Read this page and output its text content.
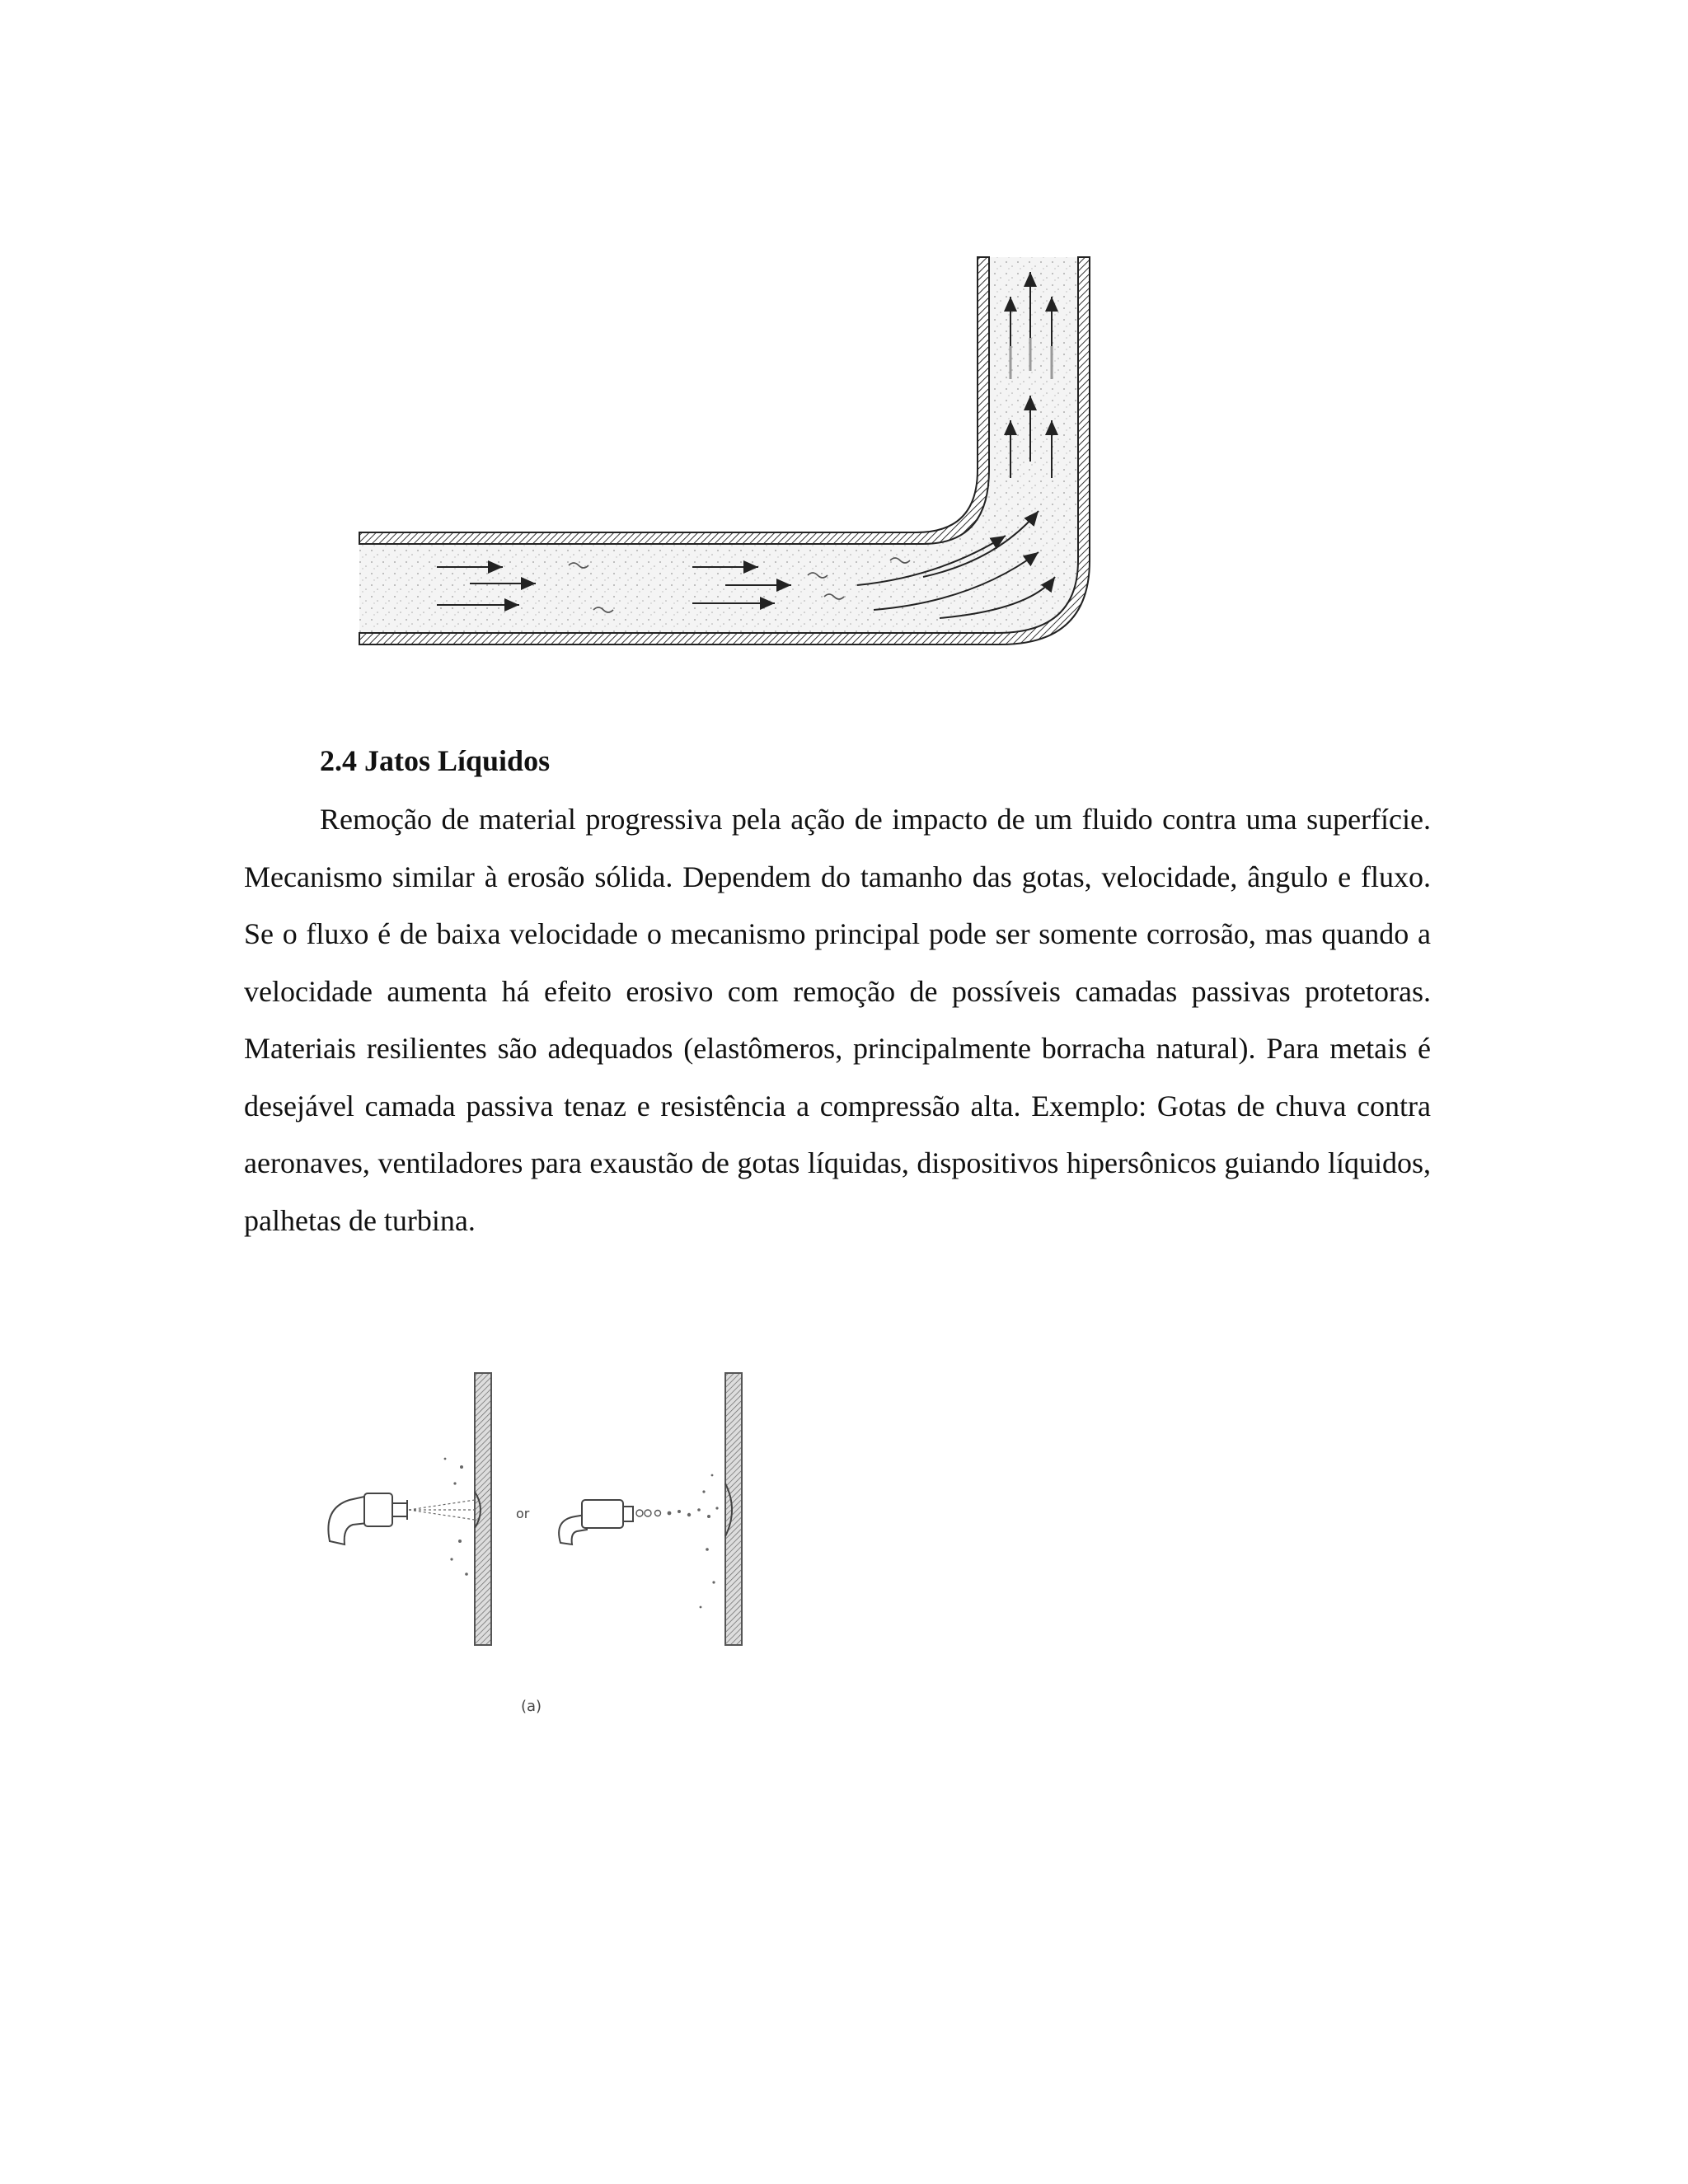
2.4 Jatos Líquidos

Remoção de material progressiva pela ação de impacto de um fluido contra uma superfície. Mecanismo similar à erosão sólida. Dependem do tamanho das gotas, velocidade, ângulo e fluxo. Se o fluxo é de baixa velocidade o mecanismo principal pode ser somente corrosão, mas quando a velocidade aumenta há efeito erosivo com remoção de possíveis camadas passivas protetoras. Materiais resilientes são adequados (elastômeros, principalmente borracha natural). Para metais é desejável camada passiva tenaz e resistência a compressão alta. Exemplo: Gotas de chuva contra aeronaves, ventiladores para exaustão de gotas líquidas, dispositivos hipersônicos guiando líquidos, palhetas de turbina.

or
(a)
